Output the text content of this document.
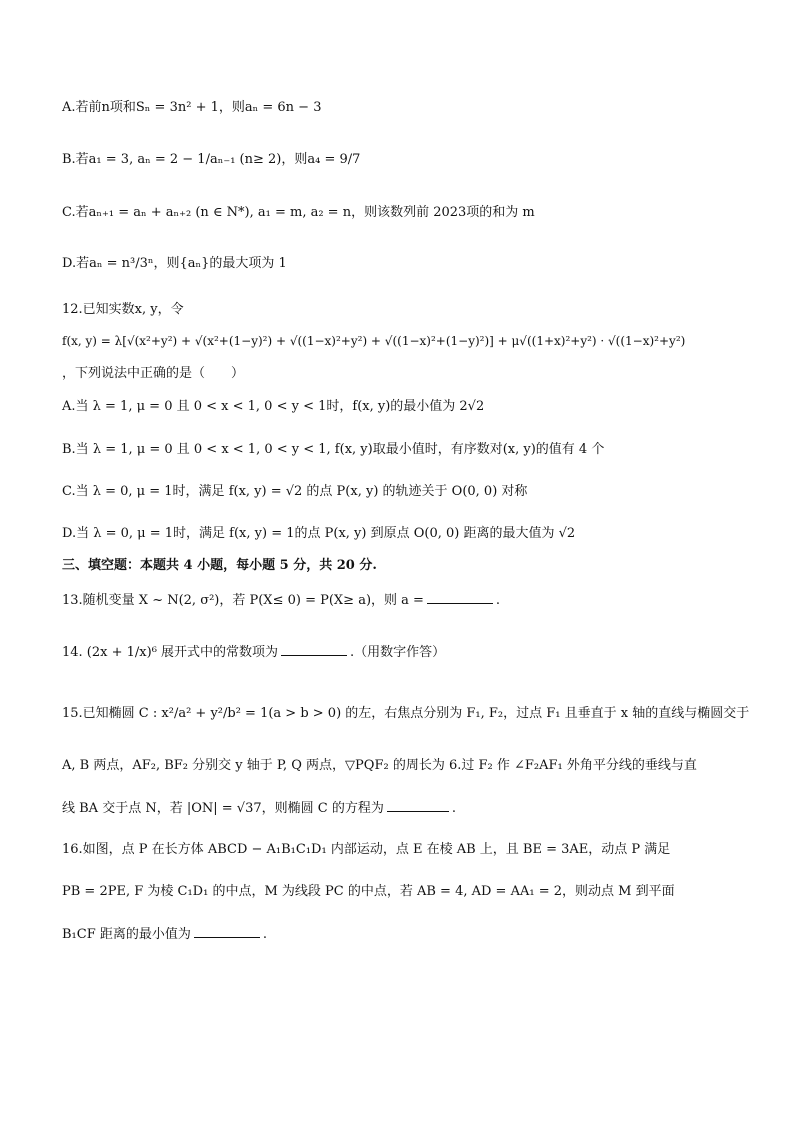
A.若前n项和Sₙ = 3n² + 1，则aₙ = 6n − 3
B.若a₁ = 3, aₙ = 2 − 1/aₙ₋₁ (n≥ 2)，则a₄ = 9/7
C.若aₙ₊₁ = aₙ + aₙ₊₂ (n ∈ N*), a₁ = m, a₂ = n，则该数列前 2023项的和为 m
D.若aₙ = n³/3ⁿ，则{aₙ}的最大项为 1
12.已知实数x, y，令
f(x, y) = λ[√(x²+y²) + √(x²+(1−y)²) + √((1−x)²+y²) + √((1−x)²+(1−y)²)] + μ√((1+x)²+y²) · √((1−x)²+y²)
，下列说法中正确的是（　　）
A.当 λ = 1, μ = 0 且 0 < x < 1, 0 < y < 1时，f(x, y)的最小值为 2√2
B.当 λ = 1, μ = 0 且 0 < x < 1, 0 < y < 1, f(x, y)取最小值时，有序数对(x, y)的值有 4 个
C.当 λ = 0, μ = 1时，满足 f(x, y) = √2 的点 P(x, y) 的轨迹关于 O(0, 0) 对称
D.当 λ = 0, μ = 1时，满足 f(x, y) = 1的点 P(x, y) 到原点 O(0, 0) 距离的最大值为 √2
三、填空题：本题共 4 小题，每小题 5 分，共 20 分.
13.随机变量 X ~ N(2, σ²)，若 P(X≤ 0) = P(X≥ a)，则 a =	.
14. (2x + 1/x)⁶ 展开式中的常数项为	.（用数字作答）
15.已知椭圆 C : x²/a² + y²/b² = 1(a > b > 0) 的左，右焦点分别为 F₁, F₂，过点 F₁ 且垂直于 x 轴的直线与椭圆交于
A, B 两点，AF₂, BF₂ 分别交 y 轴于 P, Q 两点，▽PQF₂ 的周长为 6.过 F₂ 作 ∠F₂AF₁ 外角平分线的垂线与直
线 BA 交于点 N，若 |ON| = √37，则椭圆 C 的方程为	.
16.如图，点 P 在长方体 ABCD − A₁B₁C₁D₁ 内部运动，点 E 在棱 AB 上，且 BE = 3AE，动点 P 满足
PB = 2PE, F 为棱 C₁D₁ 的中点，M 为线段 PC 的中点，若 AB = 4, AD = AA₁ = 2，则动点 M 到平面
B₁CF 距离的最小值为	.
